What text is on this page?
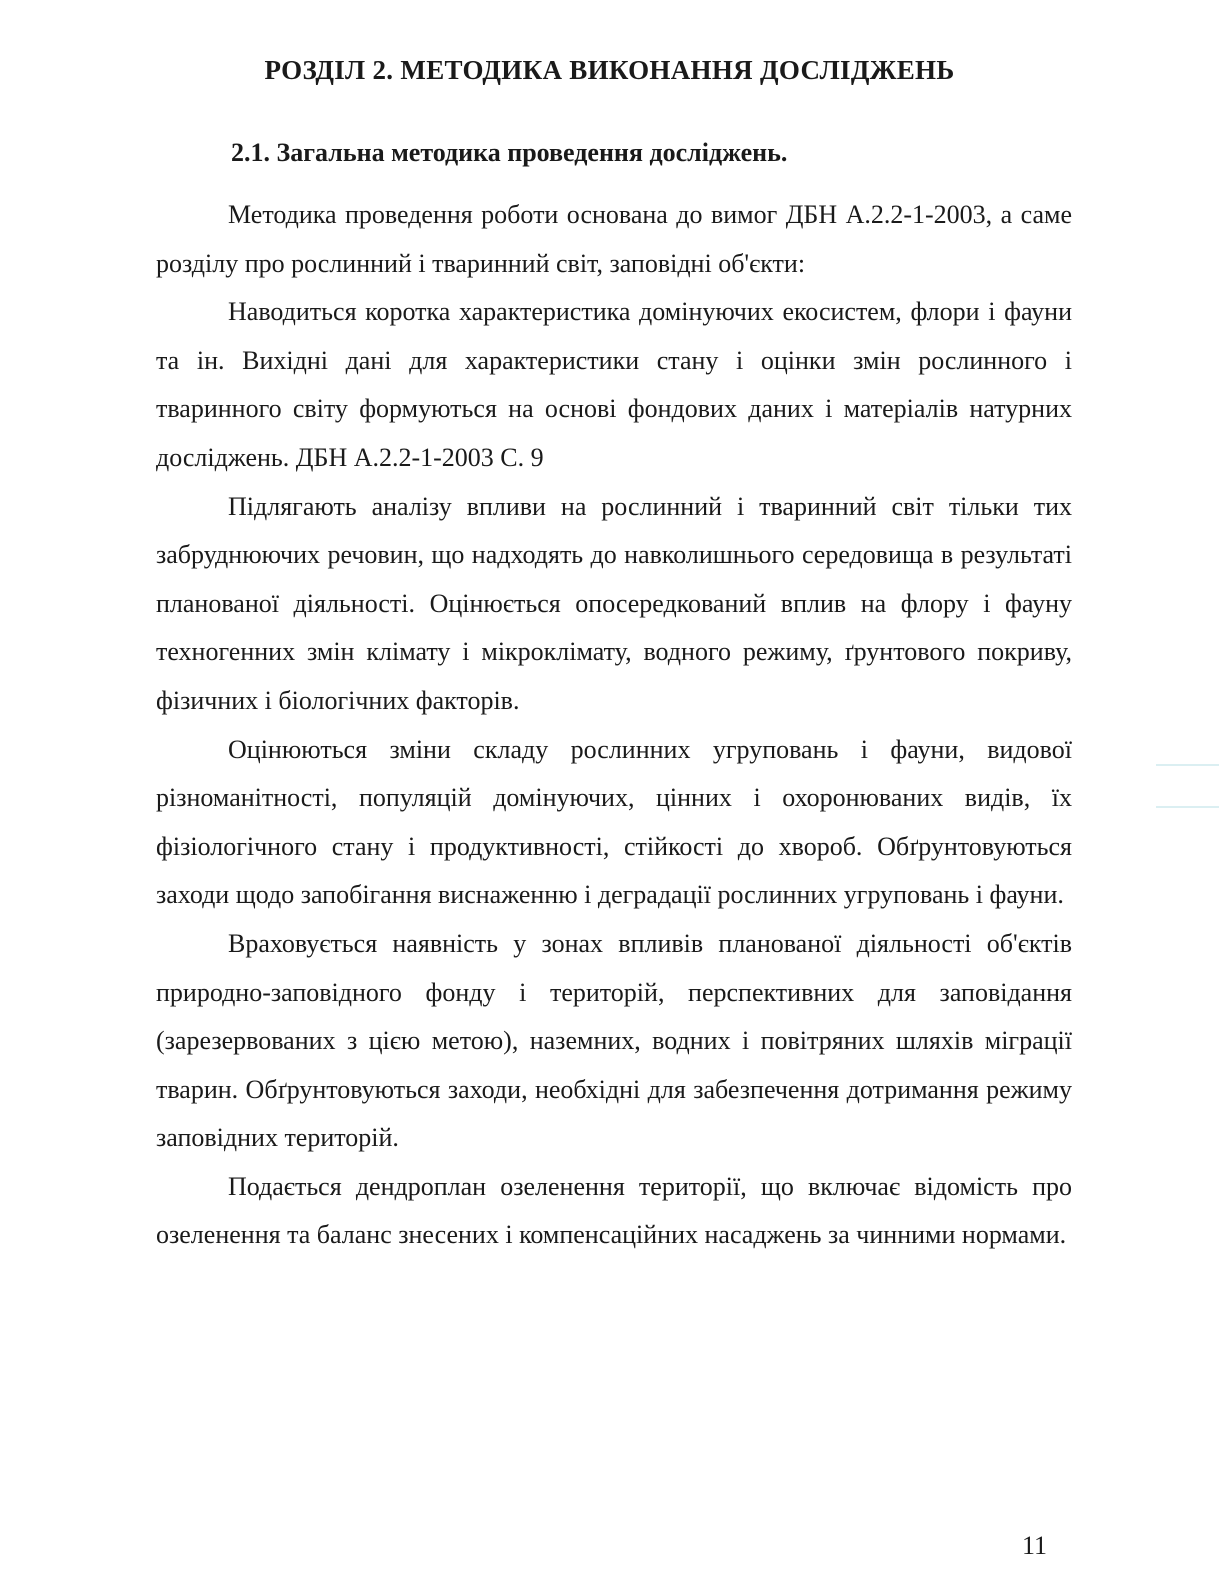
РОЗДІЛ 2. МЕТОДИКА ВИКОНАННЯ ДОСЛІДЖЕНЬ
2.1. Загальна методика проведення досліджень.

Методика проведення роботи основана до вимог ДБН А.2.2-1-2003, а саме розділу про рослинний і тваринний світ, заповідні об'єкти:

Наводиться коротка характеристика домінуючих екосистем, флори і фауни та ін. Вихідні дані для характеристики стану і оцінки змін рослинного і тваринного світу формуються на основі фондових даних і матеріалів натурних досліджень. ДБН А.2.2-1-2003 С. 9

Підлягають аналізу впливи на рослинний і тваринний світ тільки тих забруднюючих речовин, що надходять до навколишнього середовища в результаті планованої діяльності. Оцінюється опосередкований вплив на флору і фауну техногенних змін клімату і мікроклімату, водного режиму, ґрунтового покриву, фізичних і біологічних факторів.

Оцінюються зміни складу рослинних угруповань і фауни, видової різноманітності, популяцій домінуючих, цінних і охоронюваних видів, їх фізіологічного стану і продуктивності, стійкості до хвороб. Обґрунтовуються заходи щодо запобігання виснаженню і деградації рослинних угруповань і фауни.

Враховується наявність у зонах впливів планованої діяльності об'єктів природно-заповідного фонду і територій, перспективних для заповідання (зарезервованих з цією метою), наземних, водних і повітряних шляхів міграції тварин. Обґрунтовуються заходи, необхідні для забезпечення дотримання режиму заповідних територій.

Подається дендроплан озеленення території, що включає відомість про озеленення та баланс знесених і компенсаційних насаджень за чинними нормами.

11
